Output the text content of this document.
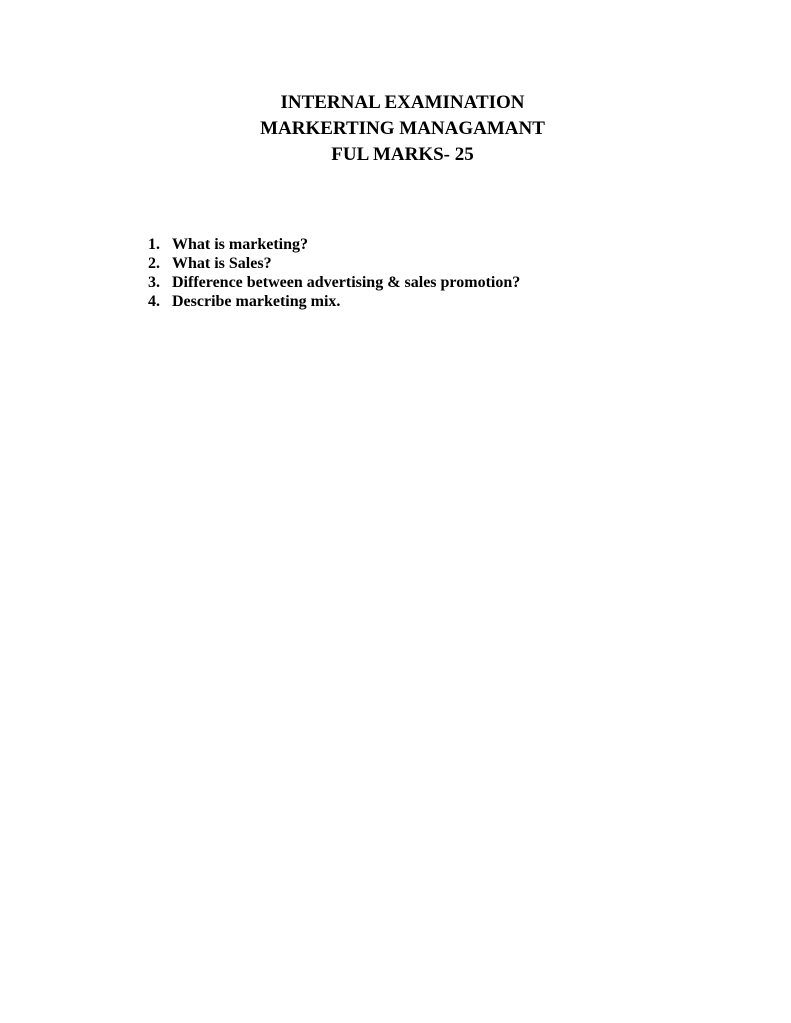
INTERNAL EXAMINATION
MARKERTING MANAGAMANT
FUL MARKS- 25
1. What is marketing?
2. What is Sales?
3. Difference between advertising & sales promotion?
4. Describe marketing mix.
